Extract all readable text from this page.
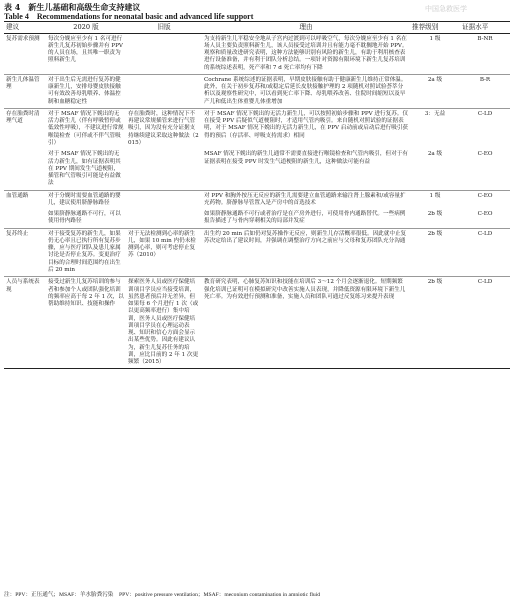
表 4　新生儿基础和高级生命支持建议
Table 4　Recommendations for neonatal basic and advanced life support
中国急救医学
建议	2020 版	旧版	理由	推荐级别	证据水平
复苏需求预测	每次分娩应至少有 1 名可进行新生儿复苏初始步骤并有 PPV 的人员在场，且其唯一职责为照料新生儿		为支持新生儿平稳安全地从子宫内过渡到可以呼吸空气，每次分娩应至少有 1 名在场人员主要负责照料新生儿，该人员接受过培训并且有能力毫不耽搁地开始 PPV。观察和质量改进研究表明，这种方法能够识别有风险的新生儿，有助于利用核查表进行设备准备，并有利于团队分析总结。一项针对资源有限环境下新生儿复苏培训的系统综述表明，死产率和 7 d 死亡率均有下降	1 级	B-NR
新生儿体温管理	对于出生后无需进行复苏的健康新生儿，安排母婴皮肤接触可有效改善母乳喂养、体温控制和血糖稳定性		Cochrane 系统综述的证据表明，早期皮肤接触有助于健康新生儿维持正常体温。此外，在关于初步复苏和/或稳定后延长皮肤接触护理的 2 项随机对照试验荟萃分析以及观察性研究中，可以看到死亡率下降、母乳喂养改善、住院时间缩短以及早产儿和低出生体重婴儿体重增加	2a 级	B-R
存在胎粪时清理气道	对于 MSAF 情况下娩出的无活力新生儿（伴有呼吸暂停或低效性呼吸），不建议进行常规喉镜检查（可伴或不伴气管吸引）	存在胎粪时，这种情况下不再建议常规插管来进行气管吸引，因为没有充分证据支持继续建议采取这种做法（2015）	对于 MSAF 情况下娩出的无活力新生儿，可以按照初始步骤和 PPV 进行复苏。仅在接受 PPV 后疑似气道梗阻时，才适用气管内吸引。来自随机对照试验的证据表明，对于 MSAF 情况下娩出的无活力新生儿，在 PPV 启动前或启动后进行吸引获得的预后（存活率、呼吸支持需求）相同	3：无益	C-LD
	对于 MSAF 情况下娩出的无活力新生儿，如有证据表明其在 PPV 期间发生气道梗阻，插管和气管吸引可能是有益做法		MSAF 情况下娩出的新生儿通常不需要直接进行喉镜检查和气管内吸引，但对于有证据表明在接受 PPV 时发生气道梗阻的新生儿，这种做法可能有益	2a 级	C-EO
血管通路	对于分娩时需要血管通路的婴儿，建议使用脐静脉路径		对 PPV 和胸外按压无反应的新生儿需要建立血管通路来输注肾上腺素和/或容量扩充药物。脐静脉导管置入是产房中的首选技术	1 级	C-EO
	如果脐静脉通路不可行，可以使用骨内路径		如果脐静脉通路不可行或者治疗是在产房外进行，可使用骨内通路替代。一些病例报告描述了与骨内穿刺相关的局部并发症	2b 级	C-EO
复苏终止	对于接受复苏的新生儿，如果仍无心率且已执行所有复苏步骤，应与医疗团队及患儿家属讨论是否停止复苏。变更治疗目标的合理时间范围约在出生后 20 min	对于无法检测到心率的新生儿，如果 10 min 内仍未检测到心率，则可考虑停止复苏（2010）	出生约 20 min 后如仍对复苏操作无反应，则新生儿存活概率很低。因此就中止复苏决定给出了建议时间，并强调在调整治疗方向之前应与父母和复苏团队充分沟通	2b 级	C-LD
人员与系统表现	接受过新生儿复苏培训的参与者和参加个人或团队强化培训的频率应高于每 2 年 1 次，以帮助维持知识、技能和操作	探索医务人员或医疗保健培训项目学员应当接受培训，虽然患者预后并无差异，但如果每 6 个月进行 1 次（或以更高频率进行）集中培训，医务人员或医疗保健培训项目学员在心理运动表现、知识和信心方面会显示出某些优势。因此有建议认为，新生儿复苏任务的培训，应比目前的 2 年 1 次更频繁（2015）	教育研究表明，心肺复苏知识和技能在培训后 3～12 个月会逐渐退化。短期频繁强化培训已证明可在模拟研究中改善实施人员表现，并降低资源有限环境下新生儿死亡率。为有效进行预测和准备，实施人员和团队可通过反复练习来提升表现	2b 级	C-LD
注：PPV：正压通气；MSAF：羊水胎粪污染　PPV：positive pressure ventilation；MSAF：meconium contamination in amniotic fluid
